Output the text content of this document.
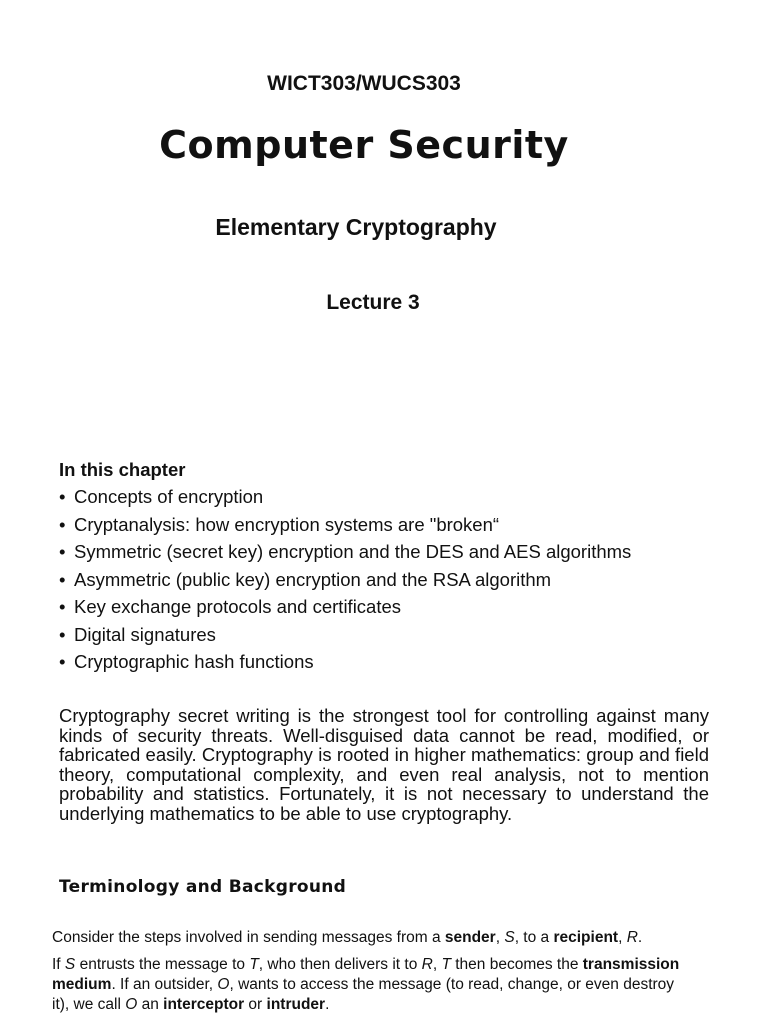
WICT303/WUCS303
Computer Security
Elementary Cryptography
Lecture 3
In this chapter
• Concepts of encryption
• Cryptanalysis: how encryption systems are "broken“
• Symmetric (secret key) encryption and the DES and AES algorithms
• Asymmetric (public key) encryption and the RSA algorithm
• Key exchange protocols and certificates
• Digital signatures
• Cryptographic hash functions

Cryptography secret writing is the strongest tool for controlling against many kinds of security threats. Well-disguised data cannot be read, modified, or fabricated easily. Cryptography is rooted in higher mathematics: group and field theory, computational complexity, and even real analysis, not to mention probability and statistics. Fortunately, it is not necessary to understand the underlying mathematics to be able to use cryptography.

Terminology and Background

Consider the steps involved in sending messages from a sender, S, to a recipient, R.

If S entrusts the message to T, who then delivers it to R, T then becomes the transmission medium. If an outsider, O, wants to access the message (to read, change, or even destroy it), we call O an interceptor or intruder.
